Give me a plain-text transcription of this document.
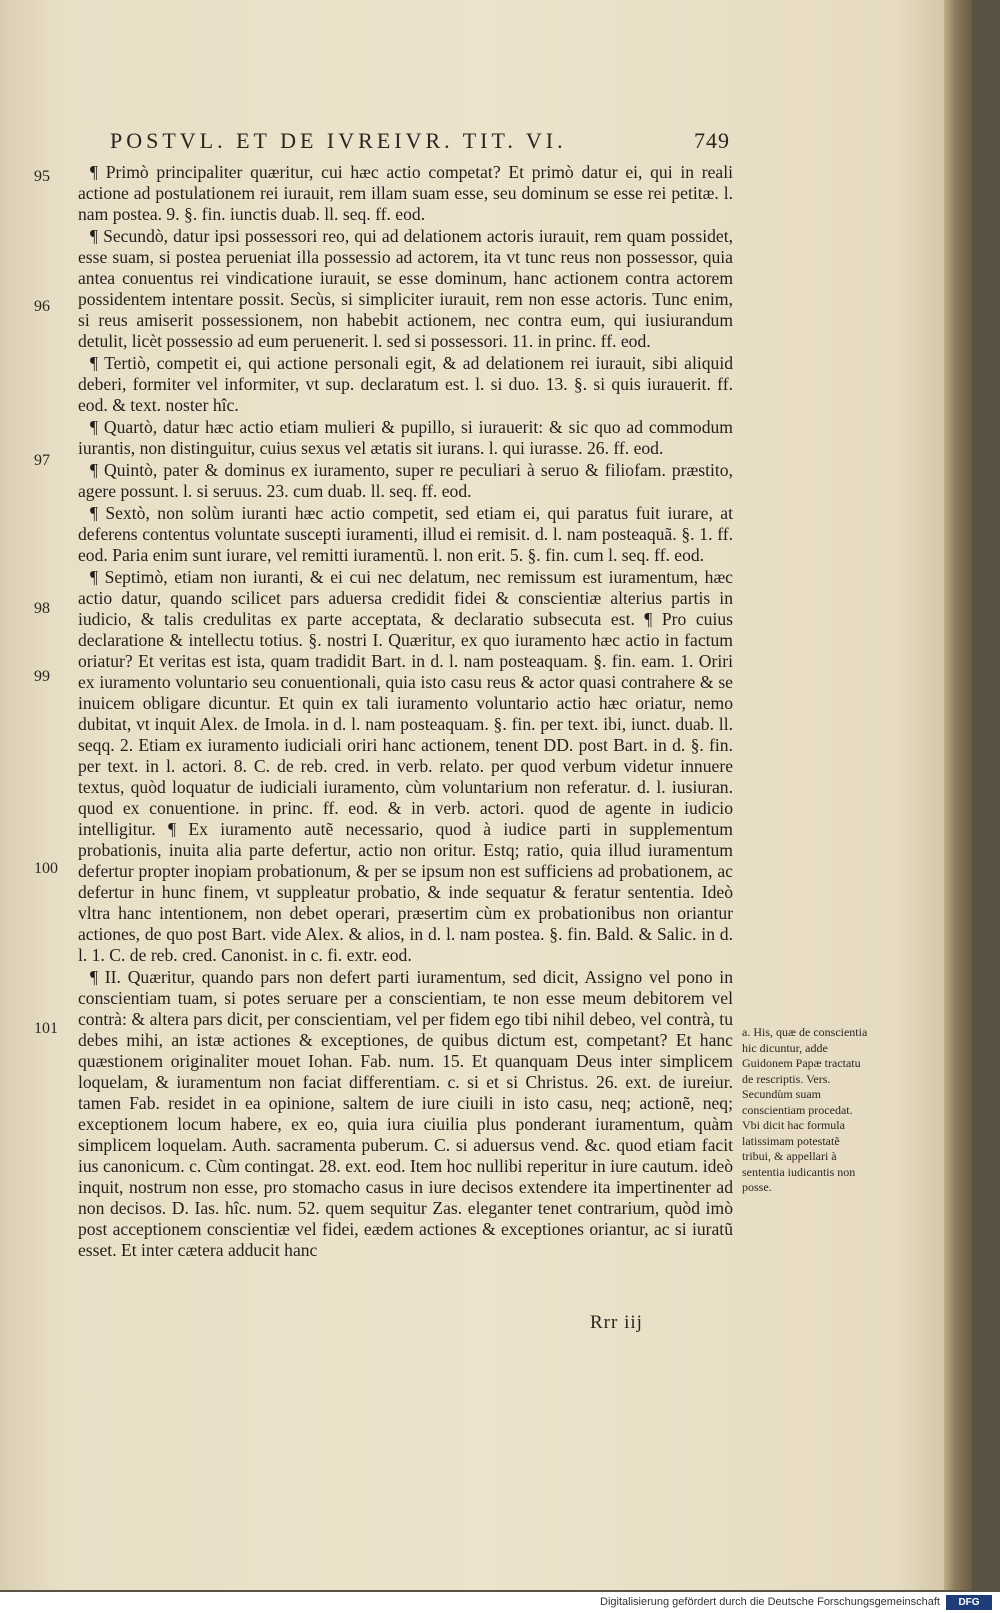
POSTVL. ET DE IVREIVR. TIT. VI.	749
95
96
97
98
99
100
101

¶ Primò principaliter quæritur, cui hæc actio competat? Et primò datur ei, qui in reali actione ad postulationem rei iurauit, rem illam suam esse, seu dominum se esse rei petitæ. l. nam postea. 9. §. fin. iunctis duab. ll. seq. ff. eod.

¶ Secundò, datur ipsi possessori reo, qui ad delationem actoris iurauit, rem quam possidet, esse suam, si postea perueniat illa possessio ad actorem, ita vt tunc reus non possessor, quia antea conuentus rei vindicatione iurauit, se esse dominum, hanc actionem contra actorem possidentem intentare possit. Secùs, si simpliciter iurauit, rem non esse actoris. Tunc enim, si reus amiserit possessionem, non habebit actionem, nec contra eum, qui iusiurandum detulit, licèt possessio ad eum peruenerit. l. sed si possessori. 11. in princ. ff. eod.

¶ Tertiò, competit ei, qui actione personali egit, & ad delationem rei iurauit, sibi aliquid deberi, formiter vel informiter, vt sup. declaratum est. l. si duo. 13. §. si quis iurauerit. ff. eod. & text. noster hîc.

¶ Quartò, datur hæc actio etiam mulieri & pupillo, si iurauerit: & sic quo ad commodum iurantis, non distinguitur, cuius sexus vel ætatis sit iurans. l. qui iurasse. 26. ff. eod.

¶ Quintò, pater & dominus ex iuramento, super re peculiari à seruo & filiofam. præstito, agere possunt. l. si seruus. 23. cum duab. ll. seq. ff. eod.

¶ Sextò, non solùm iuranti hæc actio competit, sed etiam ei, qui paratus fuit iurare, at deferens contentus voluntate suscepti iuramenti, illud ei remisit. d. l. nam posteaquã. §. 1. ff. eod. Paria enim sunt iurare, vel remitti iuramentũ. l. non erit. 5. §. fin. cum l. seq. ff. eod.

¶ Septimò, etiam non iuranti, & ei cui nec delatum, nec remissum est iuramentum, hæc actio datur, quando scilicet pars aduersa credidit fidei & conscientiæ alterius partis in iudicio, & talis credulitas ex parte acceptata, & declaratio subsecuta est. ¶ Pro cuius declaratione & intellectu totius. §. nostri I. Quæritur, ex quo iuramento hæc actio in factum oriatur? Et veritas est ista, quam tradidit Bart. in d. l. nam posteaquam. §. fin. eam. 1. Oriri ex iuramento voluntario seu conuentionali, quia isto casu reus & actor quasi contrahere & se inuicem obligare dicuntur. Et quin ex tali iuramento voluntario actio hæc oriatur, nemo dubitat, vt inquit Alex. de Imola. in d. l. nam posteaquam. §. fin. per text. ibi, iunct. duab. ll. seqq. 2. Etiam ex iuramento iudiciali oriri hanc actionem, tenent DD. post Bart. in d. §. fin. per text. in l. actori. 8. C. de reb. cred. in verb. relato. per quod verbum videtur innuere textus, quòd loquatur de iudiciali iuramento, cùm voluntarium non referatur. d. l. iusiuran. quod ex conuentione. in princ. ff. eod. & in verb. actori. quod de agente in iudicio intelligitur. ¶ Ex iuramento autẽ necessario, quod à iudice parti in supplementum probationis, inuita alia parte defertur, actio non oritur. Estq; ratio, quia illud iuramentum defertur propter inopiam probationum, & per se ipsum non est sufficiens ad probationem, ac defertur in hunc finem, vt suppleatur probatio, & inde sequatur & feratur sententia. Ideò vltra hanc intentionem, non debet operari, præsertim cùm ex probationibus non oriantur actiones, de quo post Bart. vide Alex. & alios, in d. l. nam postea. §. fin. Bald. & Salic. in d. l. 1. C. de reb. cred. Canonist. in c. fi. extr. eod.

¶ II. Quæritur, quando pars non defert parti iuramentum, sed dicit, Assigno vel pono in conscientiam tuam, si potes seruare per a conscientiam, te non esse meum debitorem vel contrà: & altera pars dicit, per conscientiam, vel per fidem ego tibi nihil debeo, vel contrà, tu debes mihi, an istæ actiones & exceptiones, de quibus dictum est, competant? Et hanc quæstionem originaliter mouet Iohan. Fab. num. 15. Et quanquam Deus inter simplicem loquelam, & iuramentum non faciat differentiam. c. si et si Christus. 26. ext. de iureiur. tamen Fab. residet in ea opinione, saltem de iure ciuili in isto casu, neq; actionẽ, neq; exceptionem locum habere, ex eo, quia iura ciuilia plus ponderant iuramentum, quàm simplicem loquelam. Auth. sacramenta puberum. C. si aduersus vend. &c. quod etiam facit ius canonicum. c. Cùm contingat. 28. ext. eod. Item hoc nullibi reperitur in iure cautum. ideò inquit, nostrum non esse, pro stomacho casus in iure decisos extendere ita impertinenter ad non decisos. D. Ias. hîc. num. 52. quem sequitur Zas. eleganter tenet contrarium, quòd imò post acceptionem conscientiæ vel fidei, eædem actiones & exceptiones oriantur, ac si iuratũ esset. Et inter cætera adducit hanc

a. His, quæ de conscientia hic dicuntur, adde Guidonem Papæ tractatu de rescriptis. Vers. Secundùm suam conscientiam procedat. Vbi dicit hac formula latissimam potestatẽ tribui, & appellari à sententia iudicantis non posse.
Rrr iij
Digitalisierung gefördert durch die Deutsche Forschungsgemeinschaft	DFG
